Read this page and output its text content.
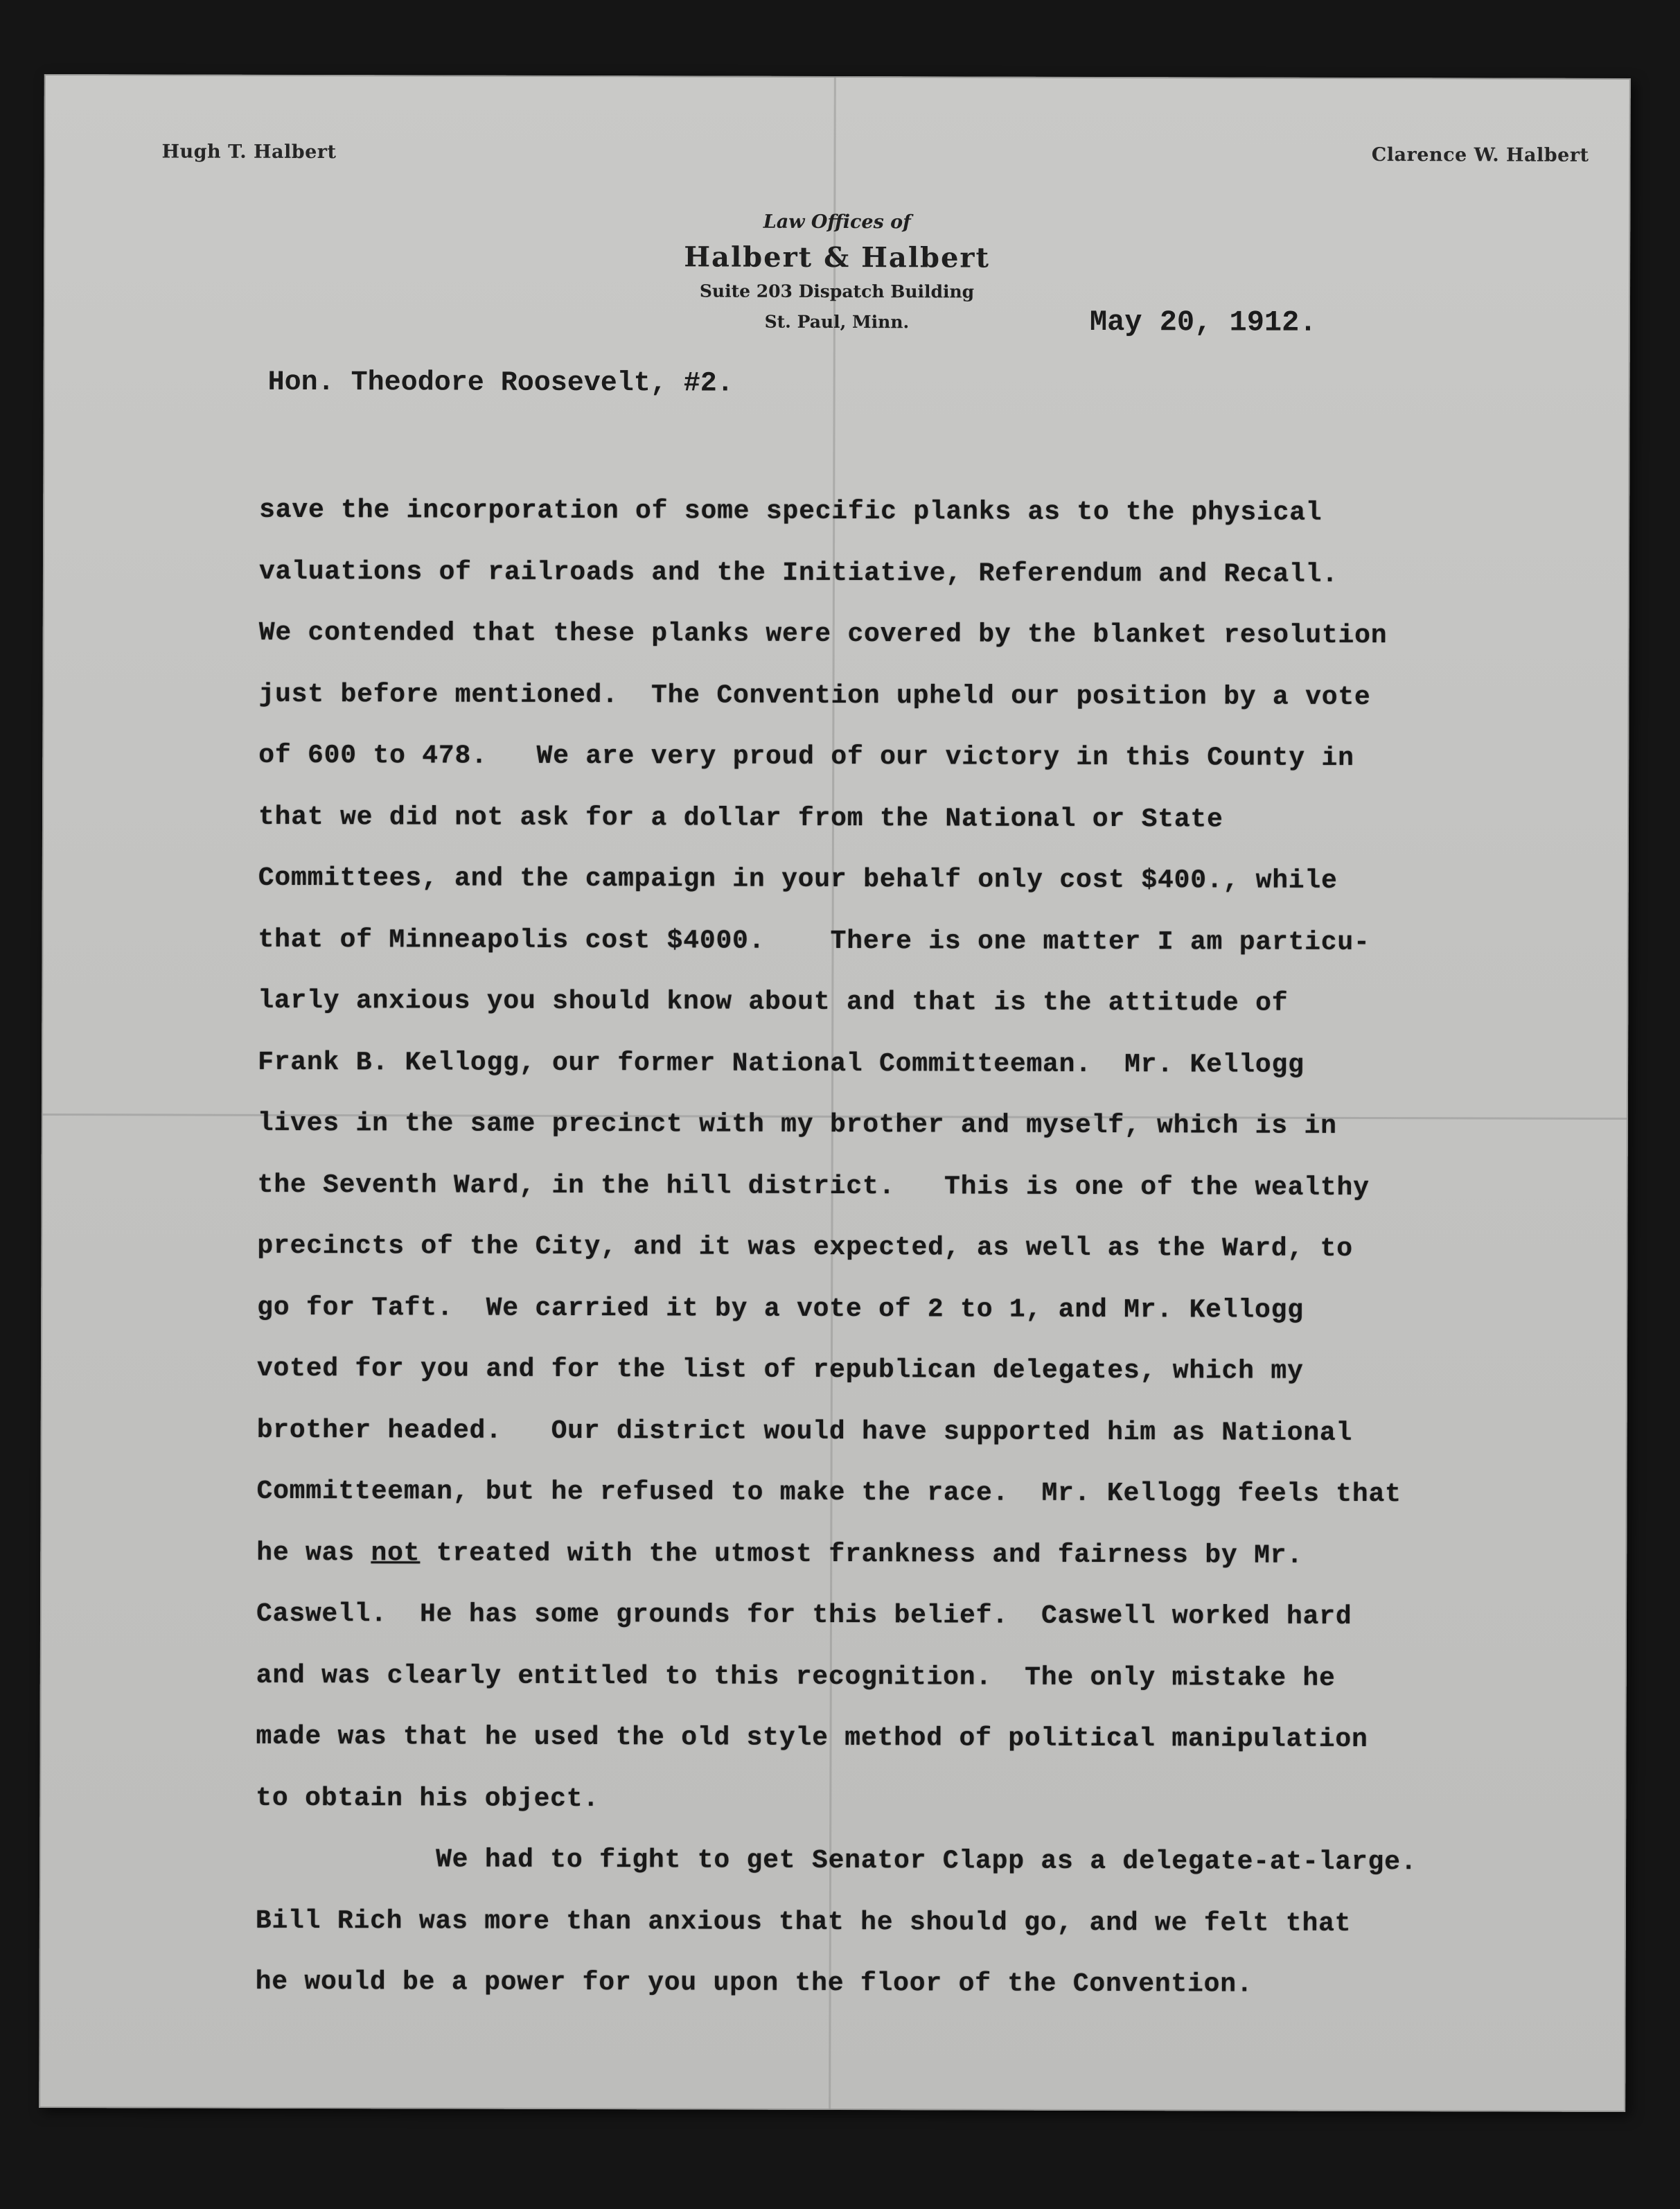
Hugh T. Halbert	Clarence W. Halbert
Law Offices of
Halbert & Halbert
Suite 203 Dispatch Building
St. Paul, Minn.	May 20, 1912.
Hon. Theodore Roosevelt, #2.
save the incorporation of some specific planks as to the physical
valuations of railroads and the Initiative, Referendum and Recall.
We contended that these planks were covered by the blanket resolution
just before mentioned.  The Convention upheld our position by a vote
of 600 to 478.   We are very proud of our victory in this County in
that we did not ask for a dollar from the National or State
Committees, and the campaign in your behalf only cost $400., while
that of Minneapolis cost $4000.    There is one matter I am particu-
larly anxious you should know about and that is the attitude of
Frank B. Kellogg, our former National Committeeman.  Mr. Kellogg
lives in the same precinct with my brother and myself, which is in
the Seventh Ward, in the hill district.   This is one of the wealthy
precincts of the City, and it was expected, as well as the Ward, to
go for Taft.  We carried it by a vote of 2 to 1, and Mr. Kellogg
voted for you and for the list of republican delegates, which my
brother headed.   Our district would have supported him as National
Committeeman, but he refused to make the race.  Mr. Kellogg feels that
he was not treated with the utmost frankness and fairness by Mr.
Caswell.  He has some grounds for this belief.  Caswell worked hard
and was clearly entitled to this recognition.  The only mistake he
made was that he used the old style method of political manipulation
to obtain his object.
We had to fight to get Senator Clapp as a delegate-at-large.
Bill Rich was more than anxious that he should go, and we felt that
he would be a power for you upon the floor of the Convention.
